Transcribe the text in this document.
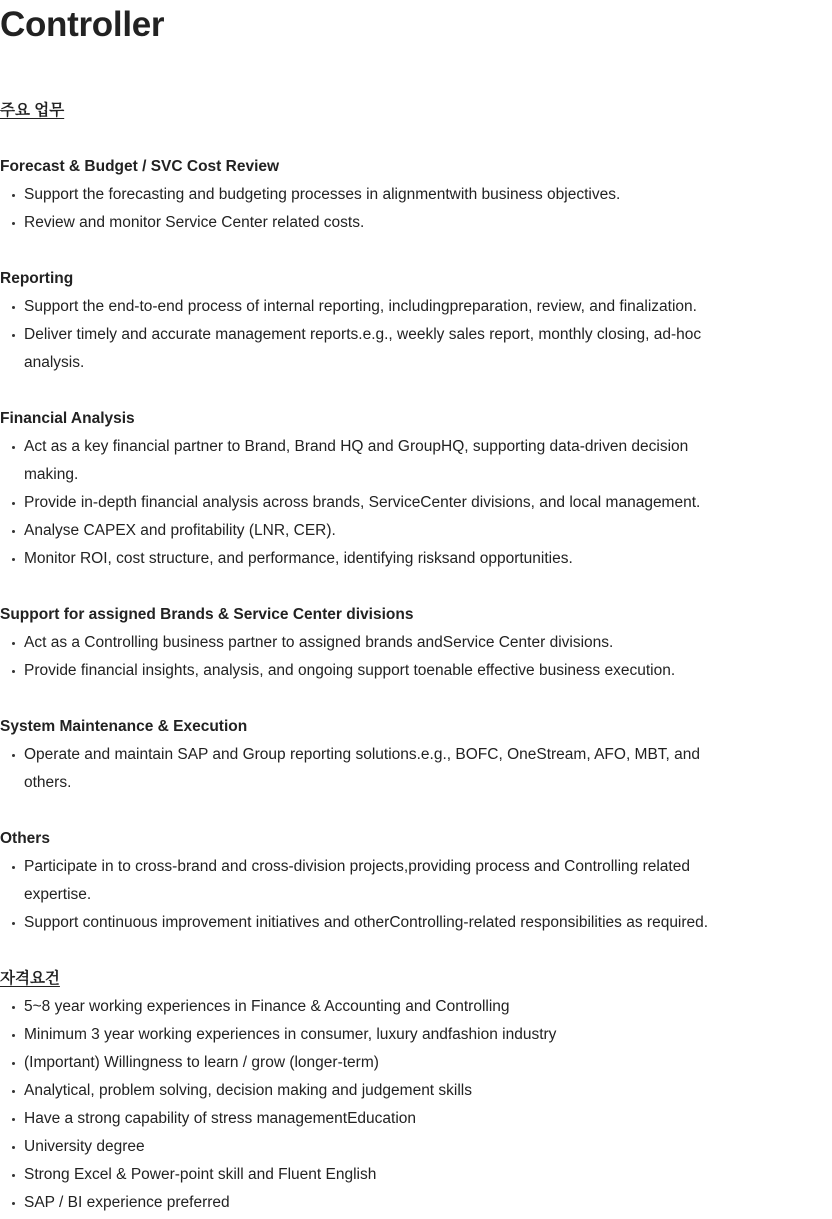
Controller

주요 업무

Forecast & Budget / SVC Cost Review

Support the forecasting and budgeting processes in alignmentwith business objectives.
Review and monitor Service Center related costs.

Reporting

Support the end-to-end process of internal reporting, includingpreparation, review, and finalization.
Deliver timely and accurate management reports.e.g., weekly sales report, monthly closing, ad-hoc analysis.

Financial Analysis

Act as a key financial partner to Brand, Brand HQ and GroupHQ, supporting data-driven decision making.
Provide in-depth financial analysis across brands, ServiceCenter divisions, and local management.
Analyse CAPEX and profitability (LNR, CER).
Monitor ROI, cost structure, and performance, identifying risksand opportunities.

Support for assigned Brands & Service Center divisions

Act as a Controlling business partner to assigned brands andService Center divisions.
Provide financial insights, analysis, and ongoing support toenable effective business execution.

System Maintenance & Execution

Operate and maintain SAP and Group reporting solutions.e.g., BOFC, OneStream, AFO, MBT, and others.

Others

Participate in to cross-brand and cross-division projects,providing process and Controlling related expertise.
Support continuous improvement initiatives and otherControlling-related responsibilities as required.

자격요건

5~8 year working experiences in Finance & Accounting and Controlling
Minimum 3 year working experiences in consumer, luxury andfashion industry
(Important) Willingness to learn / grow (longer-term)
Analytical, problem solving, decision making and judgement skills
Have a strong capability of stress managementEducation
University degree
Strong Excel & Power-point skill and Fluent English
SAP / BI experience preferred
